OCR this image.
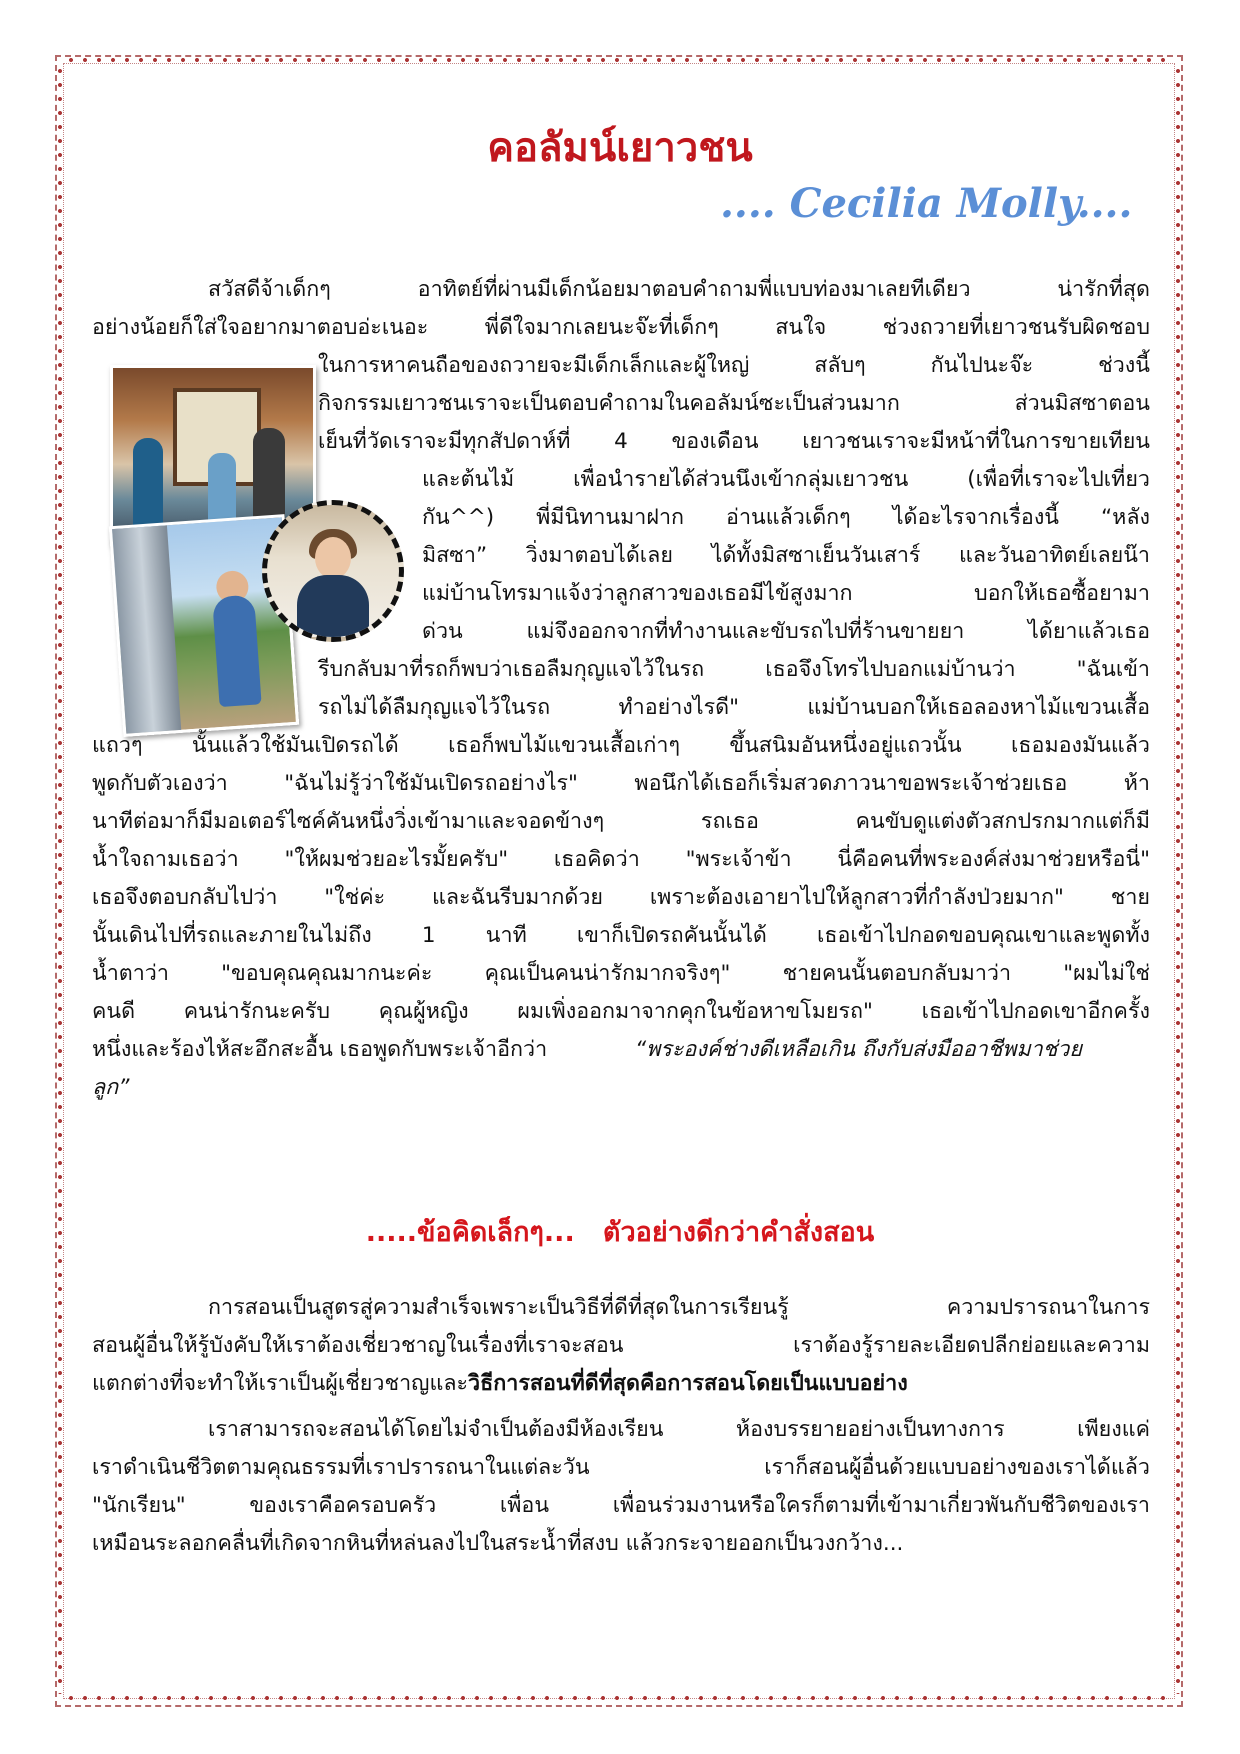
คอลัมน์เยาวชน
.... Cecilia Molly....
สวัสดีจ้าเด็กๆ อาทิตย์ที่ผ่านมีเด็กน้อยมาตอบคำถามพี่แบบท่องมาเลยทีเดียว น่ารักที่สุด
อย่างน้อยก็ใส่ใจอยากมาตอบอ่ะเนอะ พี่ดีใจมากเลยนะจ๊ะที่เด็กๆ สนใจ ช่วงถวายที่เยาวชนรับผิดชอบ
ในการหาคนถือของถวายจะมีเด็กเล็กและผู้ใหญ่ สลับๆ กันไปนะจ๊ะ ช่วงนี้
กิจกรรมเยาวชนเราจะเป็นตอบคำถามในคอลัมน์ซะเป็นส่วนมาก ส่วนมิสซาตอน
เย็นที่วัดเราจะมีทุกสัปดาห์ที่ 4 ของเดือน เยาวชนเราจะมีหน้าที่ในการขายเทียน
และต้นไม้ เพื่อนำรายได้ส่วนนึงเข้ากลุ่มเยาวชน (เพื่อที่เราจะไปเที่ยว
กัน^^) พี่มีนิทานมาฝาก อ่านแล้วเด็กๆ ได้อะไรจากเรื่องนี้ “หลัง
มิสซา” วิ่งมาตอบได้เลย ได้ทั้งมิสซาเย็นวันเสาร์ และวันอาทิตย์เลยน๊า
แม่บ้านโทรมาแจ้งว่าลูกสาวของเธอมีไข้สูงมาก บอกให้เธอซื้อยามา
ด่วน แม่จึงออกจากที่ทำงานและขับรถไปที่ร้านขายยา ได้ยาแล้วเธอ
รีบกลับมาที่รถก็พบว่าเธอลืมกุญแจไว้ในรถ เธอจึงโทรไปบอกแม่บ้านว่า "ฉันเข้า
รถไม่ได้ลืมกุญแจไว้ในรถ ทำอย่างไรดี" แม่บ้านบอกให้เธอลองหาไม้แขวนเสื้อ
แถวๆ นั้นแล้วใช้มันเปิดรถได้ เธอก็พบไม้แขวนเสื้อเก่าๆ ขึ้นสนิมอันหนึ่งอยู่แถวนั้น เธอมองมันแล้ว
พูดกับตัวเองว่า "ฉันไม่รู้ว่าใช้มันเปิดรถอย่างไร" พอนึกได้เธอก็เริ่มสวดภาวนาขอพระเจ้าช่วยเธอ ห้า
นาทีต่อมาก็มีมอเตอร์ไซค์คันหนึ่งวิ่งเข้ามาและจอดข้างๆ รถเธอ คนขับดูแต่งตัวสกปรกมากแต่ก็มี
น้ำใจถามเธอว่า "ให้ผมช่วยอะไรมั้ยครับ" เธอคิดว่า "พระเจ้าข้า นี่คือคนที่พระองค์ส่งมาช่วยหรือนี่"
เธอจึงตอบกลับไปว่า "ใช่ค่ะ และฉันรีบมากด้วย เพราะต้องเอายาไปให้ลูกสาวที่กำลังป่วยมาก" ชาย
นั้นเดินไปที่รถและภายในไม่ถึง 1 นาที เขาก็เปิดรถคันนั้นได้ เธอเข้าไปกอดขอบคุณเขาและพูดทั้ง
น้ำตาว่า "ขอบคุณคุณมากนะค่ะ คุณเป็นคนน่ารักมากจริงๆ" ชายคนนั้นตอบกลับมาว่า "ผมไม่ใช่
คนดี คนน่ารักนะครับ คุณผู้หญิง ผมเพิ่งออกมาจากคุกในข้อหาขโมยรถ" เธอเข้าไปกอดเขาอีกครั้ง
หนึ่งและร้องไห้สะอึกสะอื้น เธอพูดกับพระเจ้าอีกว่า	“พระองค์ช่างดีเหลือเกิน ถึงกับส่งมืออาชีพมาช่วย
ลูก”
.....ข้อคิดเล็กๆ... ตัวอย่างดีกว่าคำสั่งสอน
การสอนเป็นสูตรสู่ความสำเร็จเพราะเป็นวิธีที่ดีที่สุดในการเรียนรู้ ความปรารถนาในการ
สอนผู้อื่นให้รู้บังคับให้เราต้องเชี่ยวชาญในเรื่องที่เราจะสอน เราต้องรู้รายละเอียดปลีกย่อยและความ
แตกต่างที่จะทำให้เราเป็นผู้เชี่ยวชาญและวิธีการสอนที่ดีที่สุดคือการสอนโดยเป็นแบบอย่าง
เราสามารถจะสอนได้โดยไม่จำเป็นต้องมีห้องเรียน ห้องบรรยายอย่างเป็นทางการ เพียงแค่
เราดำเนินชีวิตตามคุณธรรมที่เราปรารถนาในแต่ละวัน เราก็สอนผู้อื่นด้วยแบบอย่างของเราได้แล้ว
"นักเรียน" ของเราคือครอบครัว เพื่อน เพื่อนร่วมงานหรือใครก็ตามที่เข้ามาเกี่ยวพันกับชีวิตของเรา
เหมือนระลอกคลื่นที่เกิดจากหินที่หล่นลงไปในสระน้ำที่สงบ แล้วกระจายออกเป็นวงกว้าง...
